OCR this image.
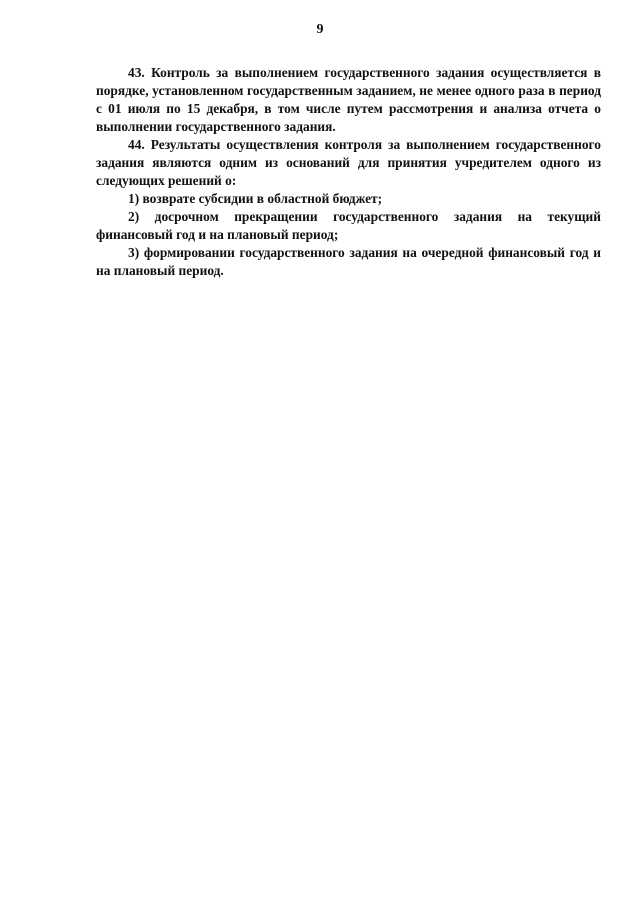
9

43. Контроль за выполнением государственного задания осуществляется в порядке, установленном государственным заданием, не менее одного раза в период с 01 июля по 15 декабря, в том числе путем рассмотрения и анализа отчета о выполнении государственного задания.

44. Результаты осуществления контроля за выполнением государственного задания являются одним из оснований для принятия учредителем одного из следующих решений о:

1) возврате субсидии в областной бюджет;

2) досрочном прекращении государственного задания на текущий финансовый год и на плановый период;

3) формировании государственного задания на очередной финансовый год и на плановый период.
